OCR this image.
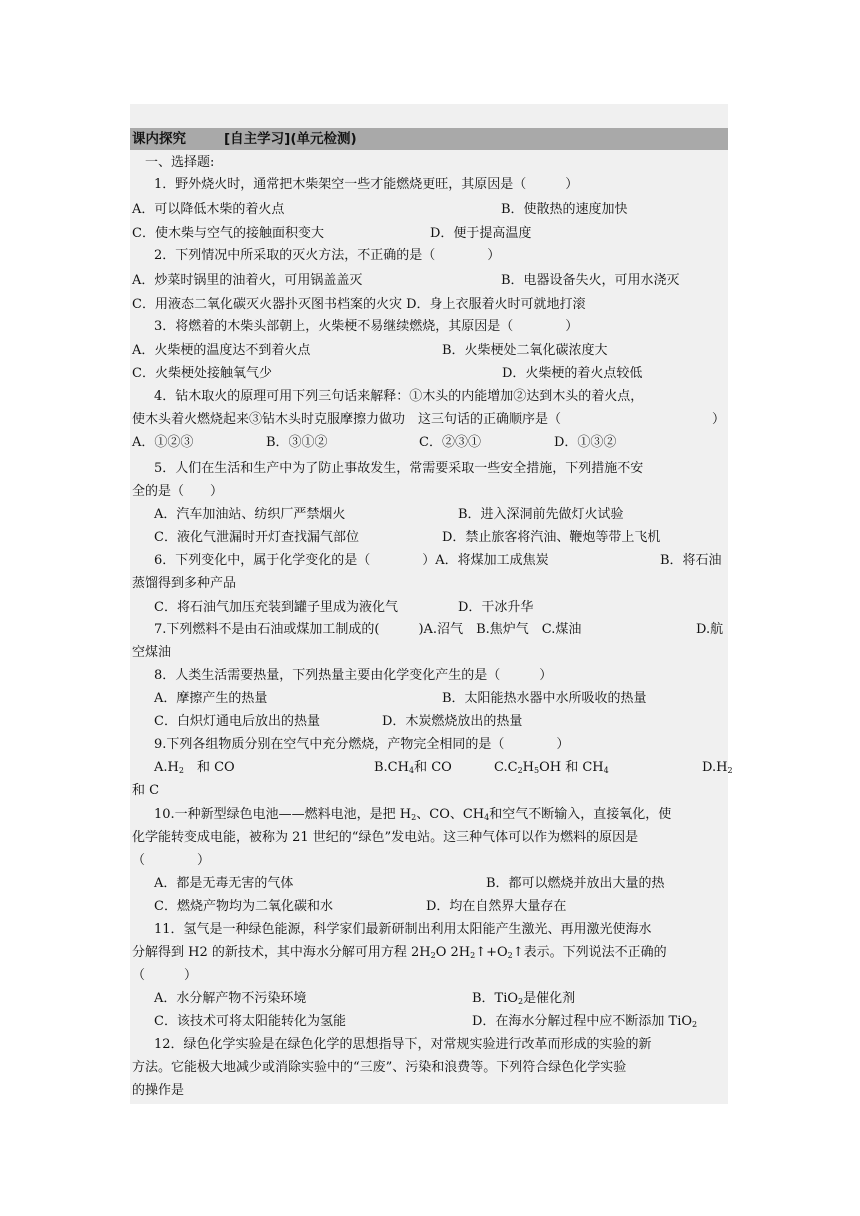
课内探究	[自主学习](单元检测)
一、选择题:
1．野外烧火时，通常把木柴架空一些才能燃烧更旺，其原因是（　　　）
A．可以降低木柴的着火点	B．使散热的速度加快
C．使木柴与空气的接触面积变大	D．便于提高温度
2．下列情况中所采取的灭火方法，不正确的是（　　　　）
A．炒菜时锅里的油着火，可用锅盖盖灭	B．电器设备失火，可用水浇灭
C．用液态二氧化碳灭火器扑灭图书档案的火灾 D．身上衣服着火时可就地打滚
3．将燃着的木柴头部朝上，火柴梗不易继续燃烧，其原因是（　　　　）
A．火柴梗的温度达不到着火点	B．火柴梗处二氧化碳浓度大
C．火柴梗处接触氧气少	D．火柴梗的着火点较低
4．钻木取火的原理可用下列三句话来解释：①木头的内能增加②达到木头的着火点，
使木头着火燃烧起来③钻木头时克服摩擦力做功　这三句话的正确顺序是（	）
A．①②③	B．③①②	C．②③①	D．①③②
5．人们在生活和生产中为了防止事故发生，常需要采取一些安全措施，下列措施不安
全的是（　　）
A．汽车加油站、纺织厂严禁烟火	B．进入深洞前先做灯火试验
C．液化气泄漏时开灯查找漏气部位	D．禁止旅客将汽油、鞭炮等带上飞机
6．下列变化中，属于化学变化的是（　　　　）A．将煤加工成焦炭	B．将石油
蒸馏得到多种产品
C．将石油气加压充装到罐子里成为液化气	D．干冰升华
7.下列燃料不是由石油或煤加工制成的(　　　)A.沼气　B.焦炉气　C.煤油	D.航
空煤油
8．人类生活需要热量，下列热量主要由化学变化产生的是（　　　）
A．摩擦产生的热量	B．太阳能热水器中水所吸收的热量
C．白炽灯通电后放出的热量	D．木炭燃烧放出的热量
9.下列各组物质分别在空气中充分燃烧，产物完全相同的是（　　　　）
$A.H_2$　和 CO	$B.CH_4$和 CO	$C.C_2H_5OH$ 和 $CH_4$	$D.H_2$
和 C
10.一种新型绿色电池——燃料电池，是把 $H_2$、CO、$CH_4$和空气不断输入，直接氧化，使
化学能转变成电能，被称为 21 世纪的“绿色”发电站。这三种气体可以作为燃料的原因是
（　　　　）
A．都是无毒无害的气体	B．都可以燃烧并放出大量的热
C．燃烧产物均为二氧化碳和水	D．均在自然界大量存在
11．氢气是一种绿色能源，科学家们最新研制出利用太阳能产生激光、再用激光使海水
分解得到 H2 的新技术，其中海水分解可用方程 $2H_2O$ $2H_2↑+O_2↑$表示。下列说法不正确的
（　　　）
A．水分解产物不污染环境	B．TiO$_2$是催化剂
C．该技术可将太阳能转化为氢能	D．在海水分解过程中应不断添加 TiO$_2$
12．绿色化学实验是在绿色化学的思想指导下，对常规实验进行改革而形成的实验的新
方法。它能极大地减少或消除实验中的“三废”、污染和浪费等。下列符合绿色化学实验
的操作是
